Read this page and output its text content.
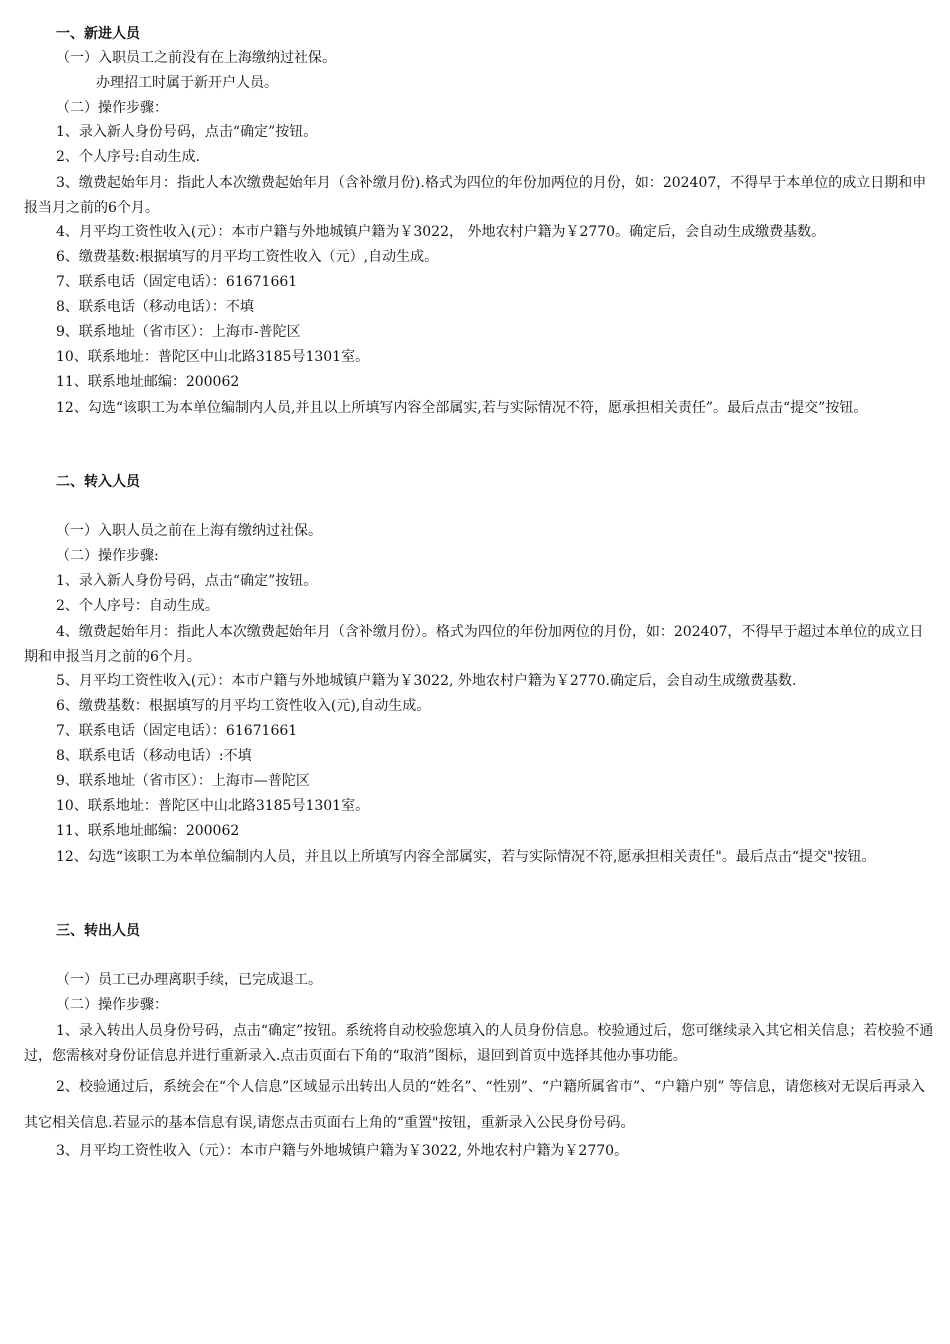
一、新进人员
（一）入职员工之前没有在上海缴纳过社保。
办理招工时属于新开户人员。
（二）操作步骤：
1、录入新人身份号码，点击“确定”按钮。
2、个人序号:自动生成.
3、缴费起始年月：指此人本次缴费起始年月（含补缴月份).格式为四位的年份加两位的月份，如：202407，不得早于本单位的成立日期和申报当月之前的6个月。
4、月平均工资性收入(元）：本市户籍与外地城镇户籍为￥3022， 外地农村户籍为￥2770。确定后，会自动生成缴费基数。
6、缴费基数:根据填写的月平均工资性收入（元）,自动生成。
7、联系电话（固定电话）：61671661
8、联系电话（移动电话）：不填
9、联系地址（省市区）：上海市-普陀区
10、联系地址：普陀区中山北路3185号1301室。
11、联系地址邮编：200062
12、勾选“该职工为本单位编制内人员,并且以上所填写内容全部属实,若与实际情况不符，愿承担相关责任”。最后点击“提交”按钮。
二、转入人员
（一）入职人员之前在上海有缴纳过社保。
（二）操作步骤:
1、录入新人身份号码，点击“确定”按钮。
2、个人序号：自动生成。
4、缴费起始年月：指此人本次缴费起始年月（含补缴月份）。格式为四位的年份加两位的月份，如：202407，不得早于超过本单位的成立日期和申报当月之前的6个月。
5、月平均工资性收入(元）：本市户籍与外地城镇户籍为￥3022, 外地农村户籍为￥2770.确定后，会自动生成缴费基数.
6、缴费基数：根据填写的月平均工资性收入(元),自动生成。
7、联系电话（固定电话）：61671661
8、联系电话（移动电话）:不填
9、联系地址（省市区）：上海市—普陀区
10、联系地址：普陀区中山北路3185号1301室。
11、联系地址邮编：200062
12、勾选“该职工为本单位编制内人员，并且以上所填写内容全部属实，若与实际情况不符,愿承担相关责任"。最后点击“提交"按钮。
三、转出人员
（一）员工已办理离职手续，已完成退工。
（二）操作步骤：
1、录入转出人员身份号码，点击“确定”按钮。系统将自动校验您填入的人员身份信息。校验通过后，您可继续录入其它相关信息；若校验不通过，您需核对身份证信息并进行重新录入.点击页面右下角的“取消”图标，退回到首页中选择其他办事功能。
2、校验通过后，系统会在“个人信息”区域显示出转出人员的“姓名”、“性别”、“户籍所属省市”、“户籍户别” 等信息，请您核对无误后再录入其它相关信息.若显示的基本信息有误,请您点击页面右上角的“重置"按钮，重新录入公民身份号码。
3、月平均工资性收入（元）：本市户籍与外地城镇户籍为￥3022, 外地农村户籍为￥2770。
